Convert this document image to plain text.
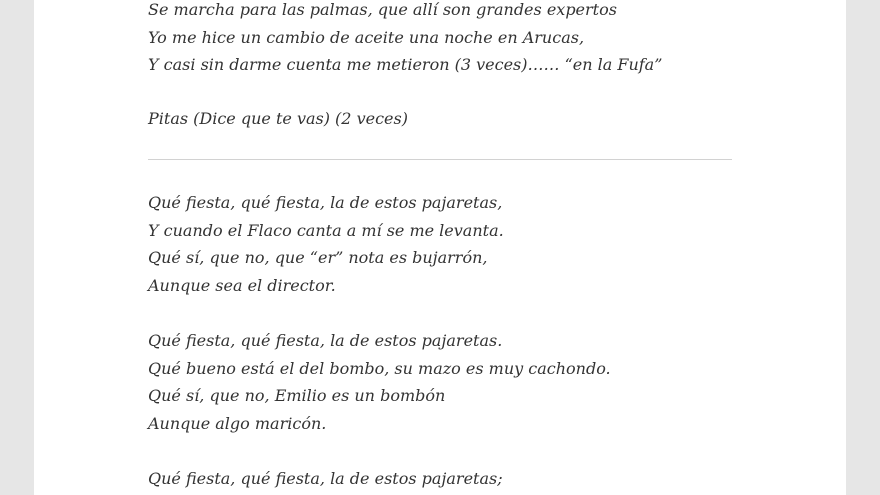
Se marcha para las palmas, que allí son grandes expertos
Yo me hice un cambio de aceite una noche en Arucas,
Y casi sin darme cuenta me metieron (3 veces)…… “en la Fufa”

Pitas (Dice que te vas) (2 veces)

Qué fiesta, qué fiesta, la de estos pajaretas,
Y cuando el Flaco canta a mí se me levanta.
Qué sí, que no, que “er” nota es bujarrón,
Aunque sea el director.

Qué fiesta, qué fiesta, la de estos pajaretas.
Qué bueno está el del bombo, su mazo es muy cachondo.
Qué sí, que no, Emilio es un bombón
Aunque algo maricón.

Qué fiesta, qué fiesta, la de estos pajaretas;
